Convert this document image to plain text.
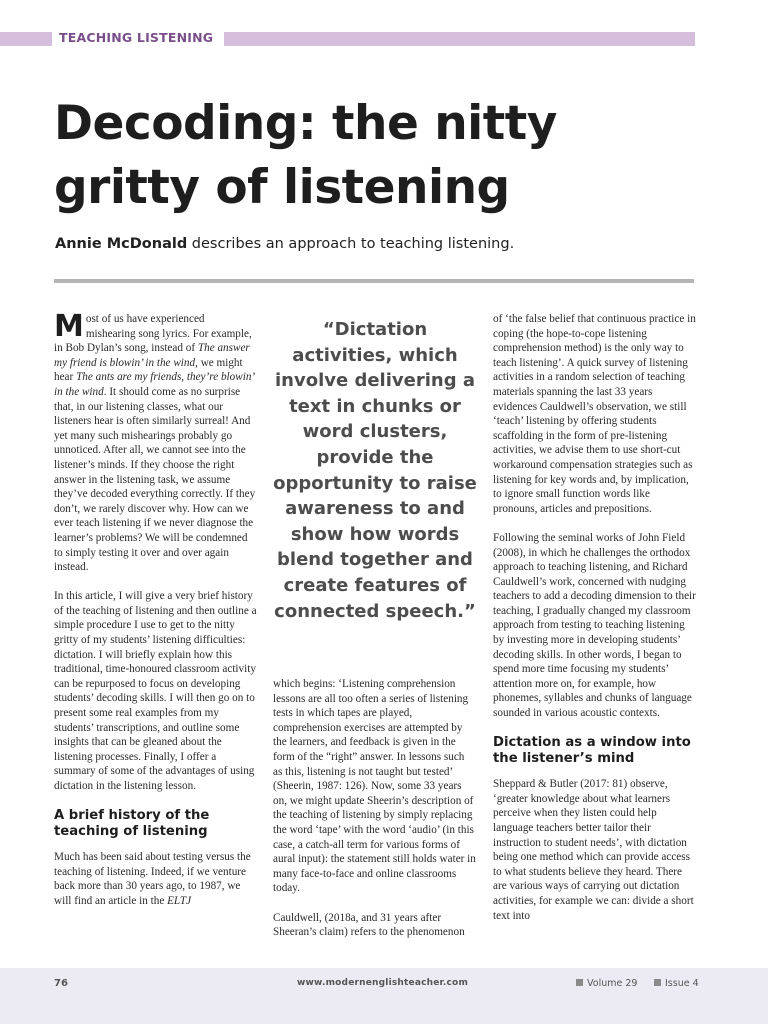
TEACHING LISTENING
Decoding: the nitty gritty of listening
Annie McDonald describes an approach to teaching listening.

Most of us have experienced mishearing song lyrics. For example, in Bob Dylan’s song, instead of The answer my friend is blowin’ in the wind, we might hear The ants are my friends, they’re blowin’ in the wind. It should come as no surprise that, in our listening classes, what our listeners hear is often similarly surreal! And yet many such mishearings probably go unnoticed. After all, we cannot see into the listener’s minds. If they choose the right answer in the listening task, we assume they’ve decoded everything correctly. If they don’t, we rarely discover why. How can we ever teach listening if we never diagnose the learner’s problems? We will be condemned to simply testing it over and over again instead.

In this article, I will give a very brief history of the teaching of listening and then outline a simple procedure I use to get to the nitty gritty of my students’ listening difficulties: dictation. I will briefly explain how this traditional, time-honoured classroom activity can be repurposed to focus on developing students’ decoding skills. I will then go on to present some real examples from my students’ transcriptions, and outline some insights that can be gleaned about the listening processes. Finally, I offer a summary of some of the advantages of using dictation in the listening lesson.

A brief history of the teaching of listening

Much has been said about testing versus the teaching of listening. Indeed, if we venture back more than 30 years ago, to 1987, we will find an article in the ELTJ

“Dictation activities, which involve delivering a text in chunks or word clusters, provide the opportunity to raise awareness to and show how words blend together and create features of connected speech.”

which begins: ‘Listening comprehension lessons are all too often a series of listening tests in which tapes are played, comprehension exercises are attempted by the learners, and feedback is given in the form of the “right” answer. In lessons such as this, listening is not taught but tested’ (Sheerin, 1987: 126). Now, some 33 years on, we might update Sheerin’s description of the teaching of listening by simply replacing the word ‘tape’ with the word ‘audio’ (in this case, a catch-all term for various forms of aural input): the statement still holds water in many face-to-face and online classrooms today.

Cauldwell, (2018a, and 31 years after Sheeran’s claim) refers to the phenomenon

of ‘the false belief that continuous practice in coping (the hope-to-cope listening comprehension method) is the only way to teach listening’. A quick survey of listening activities in a random selection of teaching materials spanning the last 33 years evidences Cauldwell’s observation, we still ‘teach’ listening by offering students scaffolding in the form of pre-listening activities, we advise them to use short-cut workaround compensation strategies such as listening for key words and, by implication, to ignore small function words like pronouns, articles and prepositions.

Following the seminal works of John Field (2008), in which he challenges the orthodox approach to teaching listening, and Richard Cauldwell’s work, concerned with nudging teachers to add a decoding dimension to their teaching, I gradually changed my classroom approach from testing to teaching listening by investing more in developing students’ decoding skills. In other words, I began to spend more time focusing my students’ attention more on, for example, how phonemes, syllables and chunks of language sounded in various acoustic contexts.

Dictation as a window into the listener’s mind

Sheppard & Butler (2017: 81) observe, ‘greater knowledge about what learners perceive when they listen could help language teachers better tailor their instruction to student needs’, with dictation being one method which can provide access to what students believe they heard. There are various ways of carrying out dictation activities, for example we can: divide a short text into

76	www.modernenglishteacher.com	Volume 29	Issue 4
